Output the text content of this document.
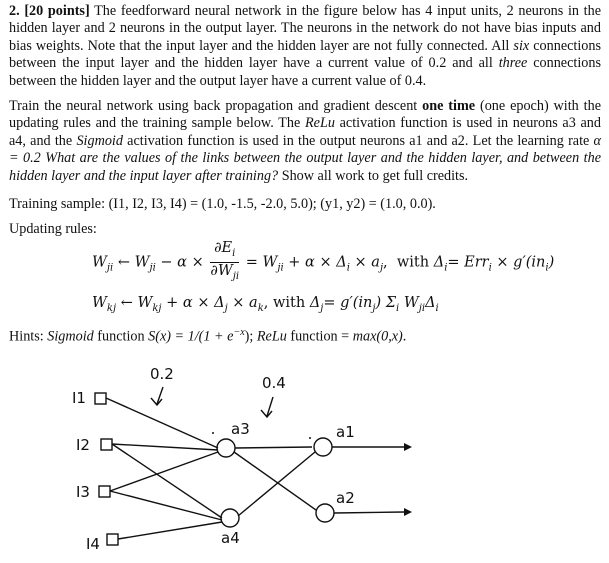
2. [20 points] The feedforward neural network in the figure below has 4 input units, 2 neurons in the hidden layer and 2 neurons in the output layer. The neurons in the network do not have bias inputs and bias weights. Note that the input layer and the hidden layer are not fully connected. All six connections between the input layer and the hidden layer have a current value of 0.2 and all three connections between the hidden layer and the output layer have a current value of 0.4.

Train the neural network using back propagation and gradient descent one time (one epoch) with the updating rules and the training sample below. The ReLu activation function is used in neurons a3 and a4, and the Sigmoid activation function is used in the output neurons a1 and a2. Let the learning rate α = 0.2 What are the values of the links between the output layer and the hidden layer, and between the hidden layer and the input layer after training? Show all work to get full credits.

Training sample: (I1, I2, I3, I4) = (1.0, -1.5, -2.0, 5.0); (y1, y2) = (1.0, 0.0).

Updating rules:

$W_{ji}$ ← $W_{ji} - \alpha \times \frac{\partial E_i}{\partial W_{ji}} = W_{ji} + \alpha \times \Delta_i \times a_j$,  with $\Delta_i= Err_i \times g'(in_i)$
$W_{kj}$ ← $W_{kj} + \alpha \times \Delta_j \times a_k$, with $\Delta_j= g'(in_j)$ $\Sigma_i$ $W_{ji}\Delta_i$

Hints: Sigmoid function $S(x) = 1/(1 + e^{-x})$; ReLu function = max(0,x).

0.2	0.4
I1
I2
I3
I4
a3
a4
a1
a2
